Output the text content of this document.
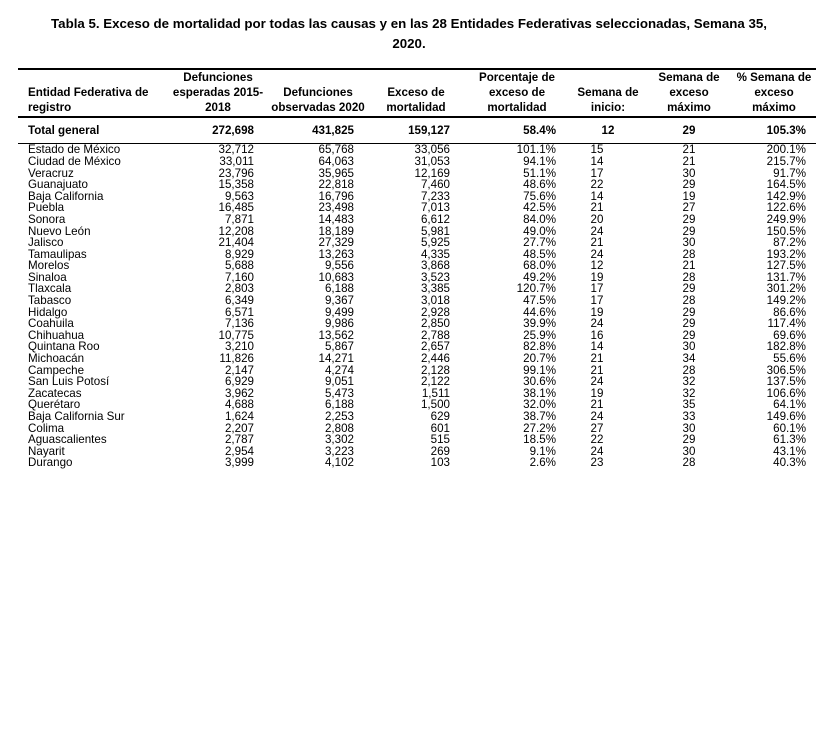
Tabla 5. Exceso de mortalidad por todas las causas y en las 28 Entidades Federativas seleccionadas, Semana 35, 2020.
Entidad Federativa de registro	Defunciones esperadas 2015-2018	Defunciones observadas 2020	Exceso de mortalidad	Porcentaje de exceso de mortalidad	Semana de inicio:	Semana de exceso máximo	% Semana de exceso máximo
Total general	272,698	431,825	159,127	58.4%	12	29	105.3%
Estado de México	32,712	65,768	33,056	101.1%	15	21	200.1%
Ciudad de México	33,011	64,063	31,053	94.1%	14	21	215.7%
Veracruz	23,796	35,965	12,169	51.1%	17	30	91.7%
Guanajuato	15,358	22,818	7,460	48.6%	22	29	164.5%
Baja California	9,563	16,796	7,233	75.6%	14	19	142.9%
Puebla	16,485	23,498	7,013	42.5%	21	27	122.6%
Sonora	7,871	14,483	6,612	84.0%	20	29	249.9%
Nuevo León	12,208	18,189	5,981	49.0%	24	29	150.5%
Jalisco	21,404	27,329	5,925	27.7%	21	30	87.2%
Tamaulipas	8,929	13,263	4,335	48.5%	24	28	193.2%
Morelos	5,688	9,556	3,868	68.0%	12	21	127.5%
Sinaloa	7,160	10,683	3,523	49.2%	19	28	131.7%
Tlaxcala	2,803	6,188	3,385	120.7%	17	29	301.2%
Tabasco	6,349	9,367	3,018	47.5%	17	28	149.2%
Hidalgo	6,571	9,499	2,928	44.6%	19	29	86.6%
Coahuila	7,136	9,986	2,850	39.9%	24	29	117.4%
Chihuahua	10,775	13,562	2,788	25.9%	16	29	69.6%
Quintana Roo	3,210	5,867	2,657	82.8%	14	30	182.8%
Michoacán	11,826	14,271	2,446	20.7%	21	34	55.6%
Campeche	2,147	4,274	2,128	99.1%	21	28	306.5%
San Luis Potosí	6,929	9,051	2,122	30.6%	24	32	137.5%
Zacatecas	3,962	5,473	1,511	38.1%	19	32	106.6%
Querétaro	4,688	6,188	1,500	32.0%	21	35	64.1%
Baja California Sur	1,624	2,253	629	38.7%	24	33	149.6%
Colima	2,207	2,808	601	27.2%	27	30	60.1%
Aguascalientes	2,787	3,302	515	18.5%	22	29	61.3%
Nayarit	2,954	3,223	269	9.1%	24	30	43.1%
Durango	3,999	4,102	103	2.6%	23	28	40.3%
